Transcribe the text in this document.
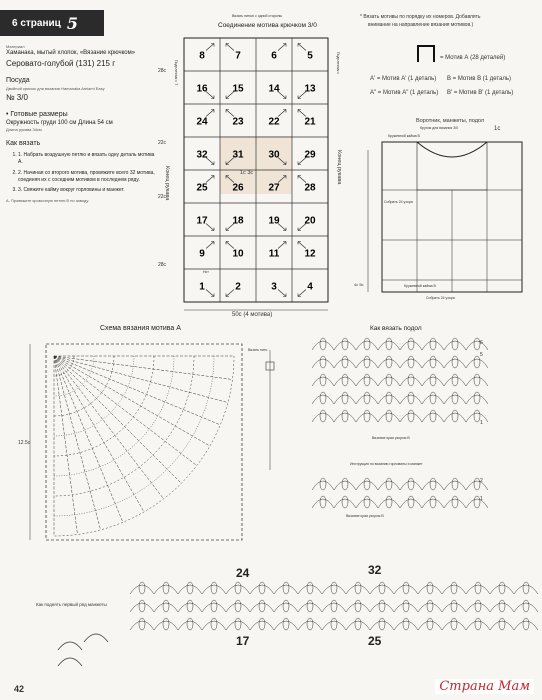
6 страниц 5
Материал
Хаманака, мытый хлопок, «Вязание крючком»
Серовато-голубой (131) 215 г
Посуда
Двойной крючок для вязания Hamanaka Amiami Easy
№ 3/0
• Готовые размеры
Окружность груди 100 см Длина 54 см
Длина рукава 34см
Как вязать
1. 1. Набрать воздушную петлю и вязать одну деталь мотива А.
2. 2. Начиная со второго мотива, провяжите всего 32 мотива, соединяя их с соседним мотивом в последнем ряду.
3. 3. Свяжите кайму вокруг горловины и манжет.
А. Провяжите кромочную петлю В по заводу.
8	7	6	5
16 15 14 13
24 23 22 21
32 31 30 29
25 26 27 28
17 18 19 20
9	10	11	12
1	2	3	4
Соединение мотива крючком 3/0
Вязать нитью с одной стороны
28c
22c
22c
28c
Конец рукава	Конец рукава
Подплечник с Т	Подплечник с
1c 3c
50c (4 мотива)
Нст
* Вязать мотивы по порядку их номеров. Добавлять
внимание на направление вязания мотивов.)
= Мотив А (28 деталей)
А' = Мотив А' (1 деталь) В = Мотив В (1 деталь)
А" = Мотив А" (1 деталь) В' = Мотив В' (1 деталь)
Воротник, манжеты, подол
Кругом для вязания 3/0	1c
Кружевной кайма B
Собрать 24 узора
Кружевной кайма B
4c 5c
Собрать 24 узора
Схема вязания мотива А
12.5c
Вязать нить
Как вязать подол
6
5
1
Вязание края узором В
Инструкция по вязанию горловины и манжет
2
1
Вязание края узором В
Как поднять первый ряд манжеты
24	32
17	25
42	Страна Мам
